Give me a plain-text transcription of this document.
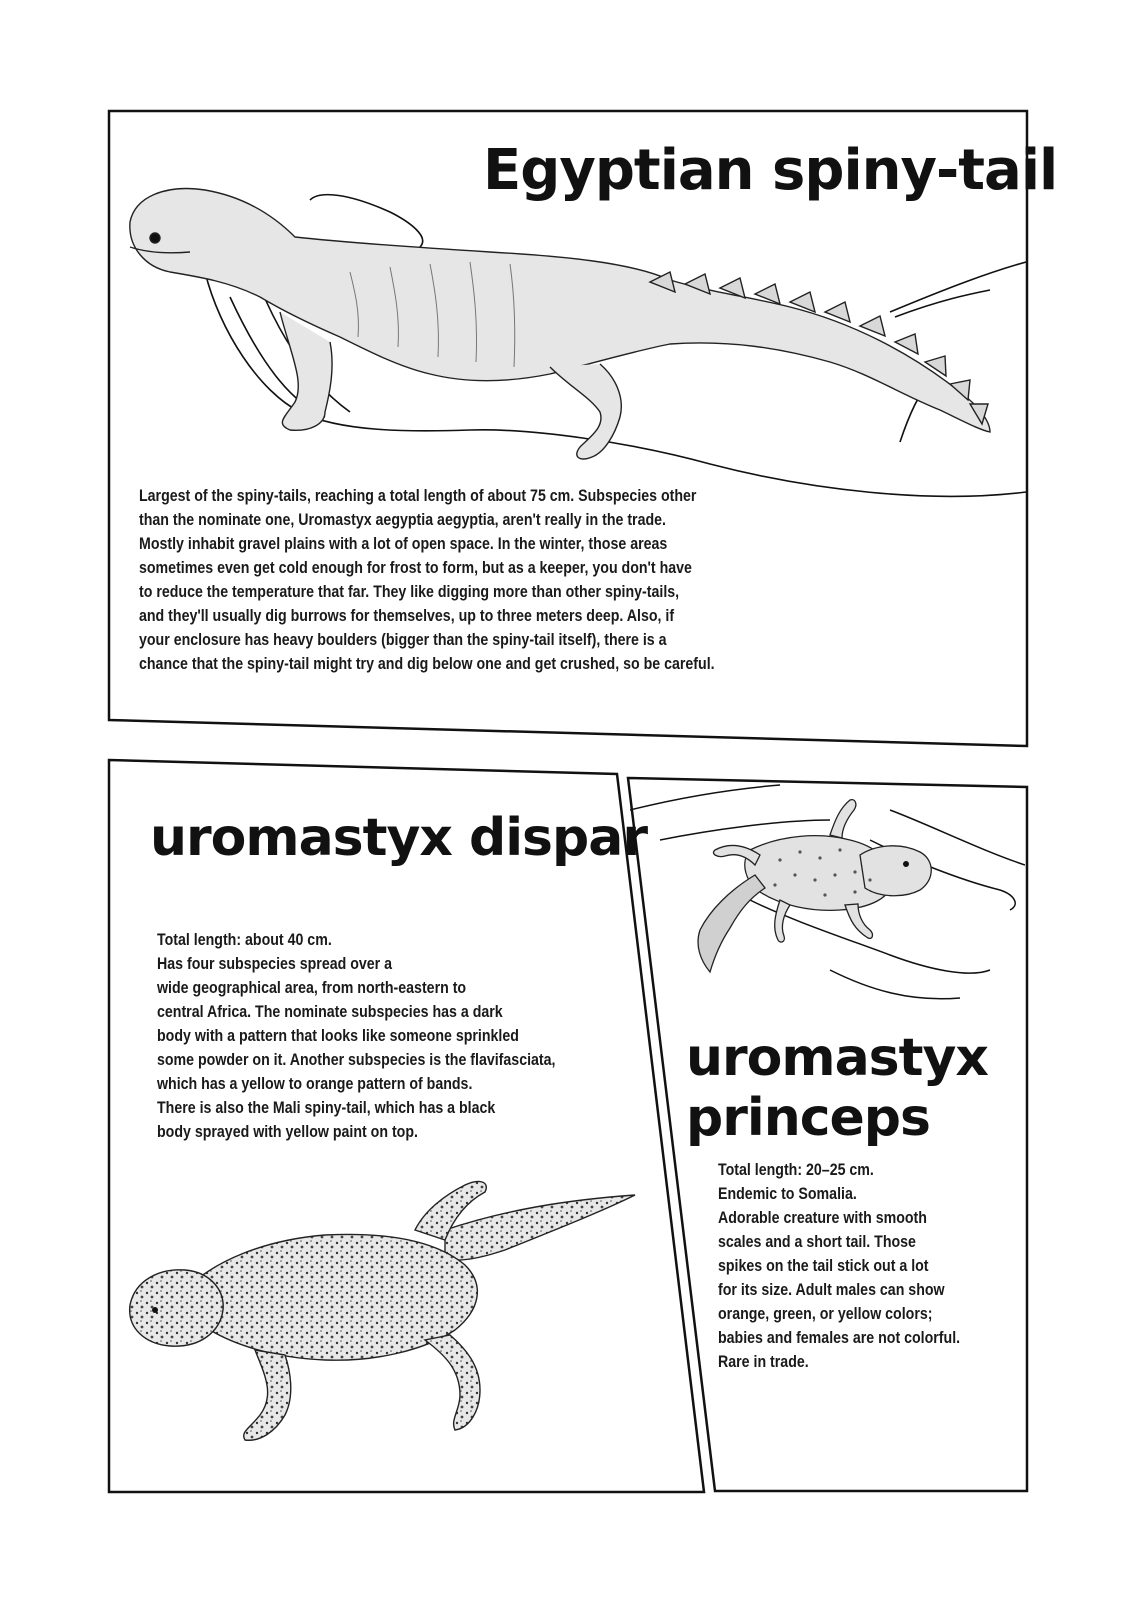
Egyptian spiny-tail
Largest of the spiny-tails, reaching a total length of about 75 cm. Subspecies other
than the nominate one, Uromastyx aegyptia aegyptia, aren't really in the trade.
Mostly inhabit gravel plains with a lot of open space. In the winter, those areas
sometimes even get cold enough for frost to form, but as a keeper, you don't have
to reduce the temperature that far. They like digging more than other spiny-tails,
and they'll usually dig burrows for themselves, up to three meters deep. Also, if
your enclosure has heavy boulders (bigger than the spiny-tail itself), there is a
chance that the spiny-tail might try and dig below one and get crushed, so be careful.
uromastyx dispar
Total length: about 40 cm.
Has four subspecies spread over a
wide geographical area, from north-eastern to
central Africa. The nominate subspecies has a dark
body with a pattern that looks like someone sprinkled
some powder on it. Another subspecies is the flavifasciata,
which has a yellow to orange pattern of bands.
There is also the Mali spiny-tail, which has a black
body sprayed with yellow paint on top.
uromastyx
princeps
Total length: 20–25 cm.
Endemic to Somalia.
Adorable creature with smooth
scales and a short tail. Those
spikes on the tail stick out a lot
for its size. Adult males can show
orange, green, or yellow colors;
babies and females are not colorful.
Rare in trade.
